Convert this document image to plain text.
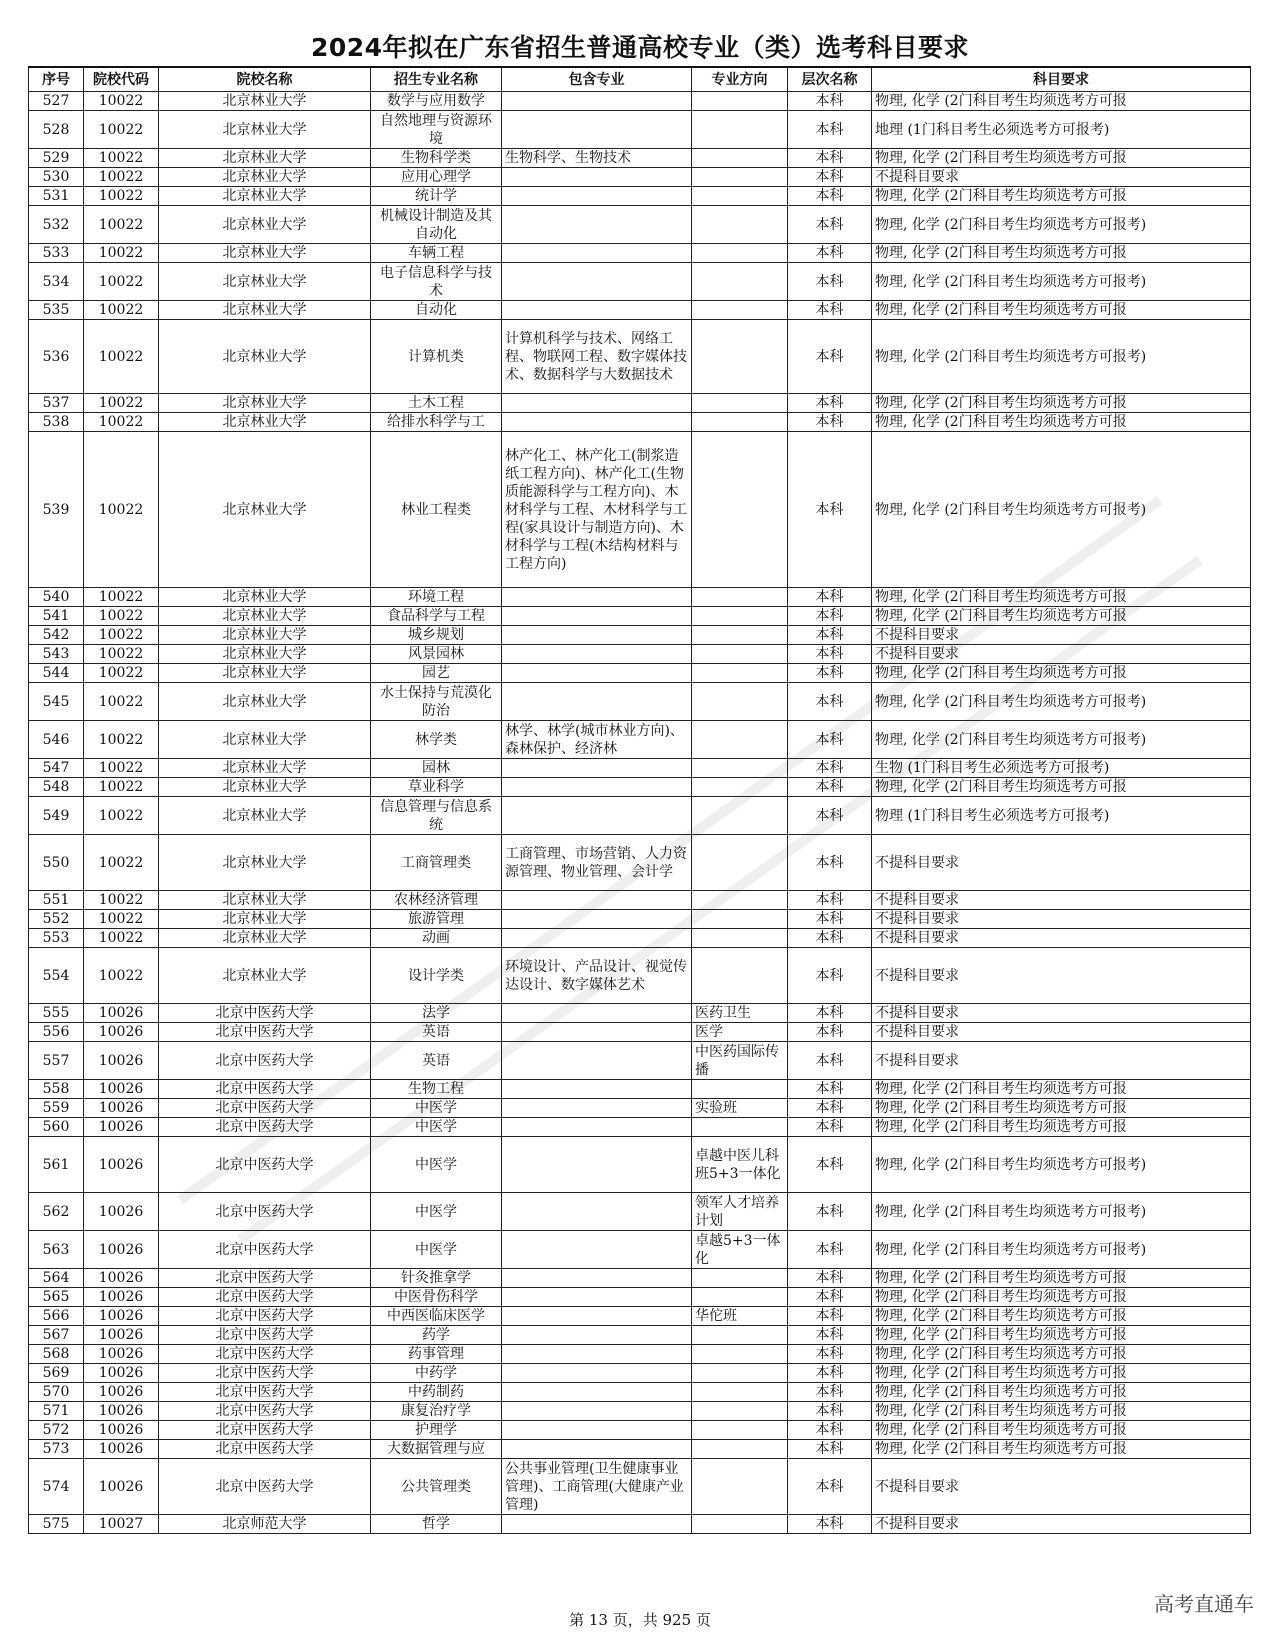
2024年拟在广东省招生普通高校专业（类）选考科目要求
序号	院校代码	院校名称	招生专业名称	包含专业	专业方向	层次名称	科目要求
527	10022	北京林业大学	数学与应用数学			本科	物理, 化学 (2门科目考生均须选考方可报
528	10022	北京林业大学	自然地理与资源环境			本科	地理 (1门科目考生必须选考方可报考)
529	10022	北京林业大学	生物科学类	生物科学、生物技术		本科	物理, 化学 (2门科目考生均须选考方可报
530	10022	北京林业大学	应用心理学			本科	不提科目要求
531	10022	北京林业大学	统计学			本科	物理, 化学 (2门科目考生均须选考方可报
532	10022	北京林业大学	机械设计制造及其自动化			本科	物理, 化学 (2门科目考生均须选考方可报考)
533	10022	北京林业大学	车辆工程			本科	物理, 化学 (2门科目考生均须选考方可报
534	10022	北京林业大学	电子信息科学与技术			本科	物理, 化学 (2门科目考生均须选考方可报考)
535	10022	北京林业大学	自动化			本科	物理, 化学 (2门科目考生均须选考方可报
536	10022	北京林业大学	计算机类	计算机科学与技术、网络工程、物联网工程、数字媒体技术、数据科学与大数据技术		本科	物理, 化学 (2门科目考生均须选考方可报考)
537	10022	北京林业大学	土木工程			本科	物理, 化学 (2门科目考生均须选考方可报
538	10022	北京林业大学	给排水科学与工			本科	物理, 化学 (2门科目考生均须选考方可报
539	10022	北京林业大学	林业工程类	林产化工、林产化工(制浆造纸工程方向)、林产化工(生物质能源科学与工程方向)、木材科学与工程、木材科学与工程(家具设计与制造方向)、木材科学与工程(木结构材料与工程方向)		本科	物理, 化学 (2门科目考生均须选考方可报考)
540	10022	北京林业大学	环境工程			本科	物理, 化学 (2门科目考生均须选考方可报
541	10022	北京林业大学	食品科学与工程			本科	物理, 化学 (2门科目考生均须选考方可报
542	10022	北京林业大学	城乡规划			本科	不提科目要求
543	10022	北京林业大学	风景园林			本科	不提科目要求
544	10022	北京林业大学	园艺			本科	物理, 化学 (2门科目考生均须选考方可报
545	10022	北京林业大学	水土保持与荒漠化防治			本科	物理, 化学 (2门科目考生均须选考方可报考)
546	10022	北京林业大学	林学类	林学、林学(城市林业方向)、森林保护、经济林		本科	物理, 化学 (2门科目考生均须选考方可报考)
547	10022	北京林业大学	园林			本科	生物 (1门科目考生必须选考方可报考)
548	10022	北京林业大学	草业科学			本科	物理, 化学 (2门科目考生均须选考方可报
549	10022	北京林业大学	信息管理与信息系统			本科	物理 (1门科目考生必须选考方可报考)
550	10022	北京林业大学	工商管理类	工商管理、市场营销、人力资源管理、物业管理、会计学		本科	不提科目要求
551	10022	北京林业大学	农林经济管理			本科	不提科目要求
552	10022	北京林业大学	旅游管理			本科	不提科目要求
553	10022	北京林业大学	动画			本科	不提科目要求
554	10022	北京林业大学	设计学类	环境设计、产品设计、视觉传达设计、数字媒体艺术		本科	不提科目要求
555	10026	北京中医药大学	法学		医药卫生	本科	不提科目要求
556	10026	北京中医药大学	英语		医学	本科	不提科目要求
557	10026	北京中医药大学	英语		中医药国际传播	本科	不提科目要求
558	10026	北京中医药大学	生物工程			本科	物理, 化学 (2门科目考生均须选考方可报
559	10026	北京中医药大学	中医学		实验班	本科	物理, 化学 (2门科目考生均须选考方可报
560	10026	北京中医药大学	中医学			本科	物理, 化学 (2门科目考生均须选考方可报
561	10026	北京中医药大学	中医学		卓越中医儿科班5+3一体化	本科	物理, 化学 (2门科目考生均须选考方可报考)
562	10026	北京中医药大学	中医学		领军人才培养计划	本科	物理, 化学 (2门科目考生均须选考方可报考)
563	10026	北京中医药大学	中医学		卓越5+3一体化	本科	物理, 化学 (2门科目考生均须选考方可报考)
564	10026	北京中医药大学	针灸推拿学			本科	物理, 化学 (2门科目考生均须选考方可报
565	10026	北京中医药大学	中医骨伤科学			本科	物理, 化学 (2门科目考生均须选考方可报
566	10026	北京中医药大学	中西医临床医学		华佗班	本科	物理, 化学 (2门科目考生均须选考方可报
567	10026	北京中医药大学	药学			本科	物理, 化学 (2门科目考生均须选考方可报
568	10026	北京中医药大学	药事管理			本科	物理, 化学 (2门科目考生均须选考方可报
569	10026	北京中医药大学	中药学			本科	物理, 化学 (2门科目考生均须选考方可报
570	10026	北京中医药大学	中药制药			本科	物理, 化学 (2门科目考生均须选考方可报
571	10026	北京中医药大学	康复治疗学			本科	物理, 化学 (2门科目考生均须选考方可报
572	10026	北京中医药大学	护理学			本科	物理, 化学 (2门科目考生均须选考方可报
573	10026	北京中医药大学	大数据管理与应			本科	物理, 化学 (2门科目考生均须选考方可报
574	10026	北京中医药大学	公共管理类	公共事业管理(卫生健康事业管理)、工商管理(大健康产业管理)		本科	不提科目要求
575	10027	北京师范大学	哲学			本科	不提科目要求
第 13 页，共 925 页
高考直通车
